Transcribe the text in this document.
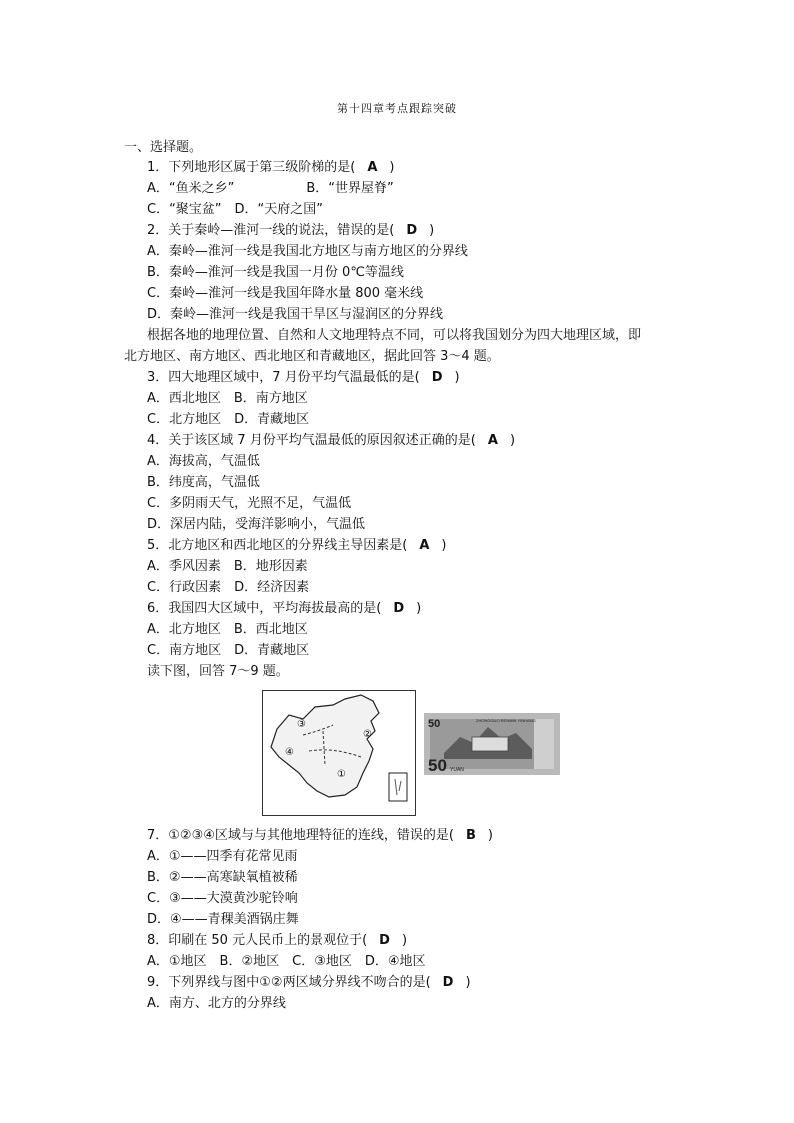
第十四章考点跟踪突破
一、选择题。
1．下列地形区属于第三级阶梯的是( A )
A．“鱼米之乡”	B．“世界屋脊”
C．“聚宝盆”　D．“天府之国”
2．关于秦岭—淮河一线的说法，错误的是( D )
A．秦岭—淮河一线是我国北方地区与南方地区的分界线
B．秦岭—淮河一线是我国一月份 0℃等温线
C．秦岭—淮河一线是我国年降水量 800 毫米线
D．秦岭—淮河一线是我国干旱区与湿润区的分界线
根据各地的地理位置、自然和人文地理特点不同，可以将我国划分为四大地理区域，即
北方地区、南方地区、西北地区和青藏地区，据此回答 3～4 题。
3．四大地理区域中，7 月份平均气温最低的是( D )
A．西北地区　B．南方地区
C．北方地区　D．青藏地区
4．关于该区域 7 月份平均气温最低的原因叙述正确的是( A )
A．海拔高，气温低
B．纬度高，气温低
C．多阴雨天气，光照不足，气温低
D．深居内陆，受海洋影响小，气温低
5．北方地区和西北地区的分界线主导因素是( A )
A．季风因素　B．地形因素
C．行政因素　D．经济因素
6．我国四大区域中，平均海拔最高的是( D )
A．北方地区　B．西北地区
C．南方地区　D．青藏地区
读下图，回答 7～9 题。
7．①②③④区域与与其他地理特征的连线，错误的是( B )
A．①——四季有花常见雨
B．②——高寒缺氧植被稀
C．③——大漠黄沙驼铃响
D．④——青稞美酒锅庄舞
8．印刷在 50 元人民币上的景观位于( D )
A．①地区　B．②地区　C．③地区　D．④地区
9．下列界线与图中①②两区域分界线不吻合的是( D )
A．南方、北方的分界线
③
②
④
①
50
50 YUAN
ZHONGGUO RENMIN YINHANG
